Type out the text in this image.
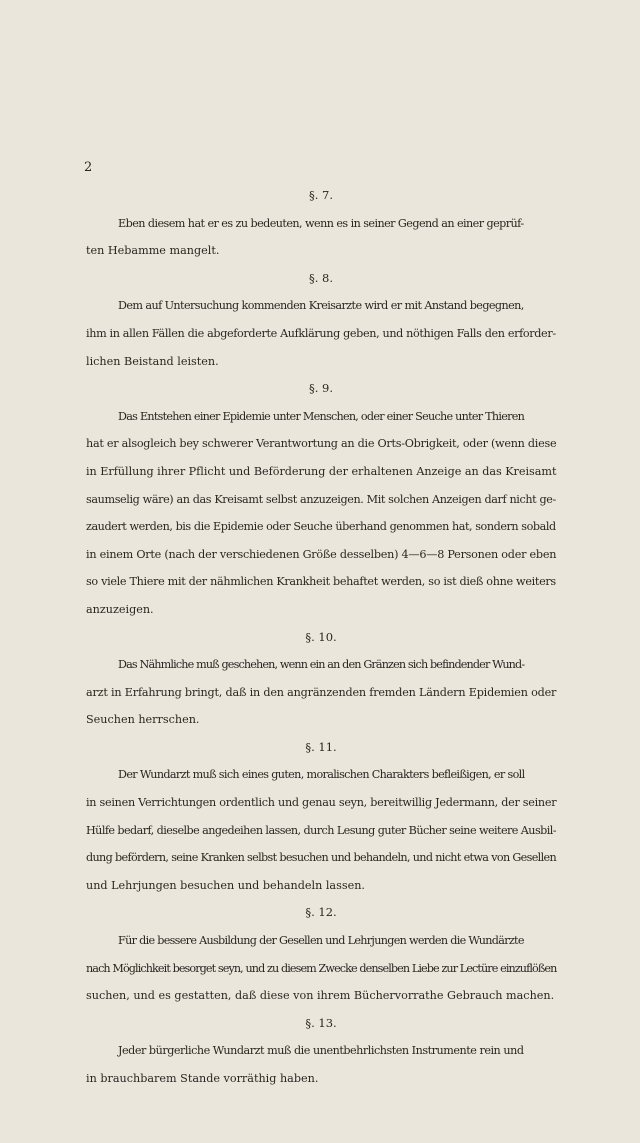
2
§. 7.
Eben diesem hat er es zu bedeuten, wenn es in seiner Gegend an einer geprüf-
ten Hebamme mangelt.
§. 8.
Dem auf Untersuchung kommenden Kreisarzte wird er mit Anstand begegnen,
ihm in allen Fällen die abgeforderte Aufklärung geben, und nöthigen Falls den erforder-
lichen Beistand leisten.
§. 9.
Das Entstehen einer Epidemie unter Menschen, oder einer Seuche unter Thieren
hat er alsogleich bey schwerer Verantwortung an die Orts-Obrigkeit, oder (wenn diese
in Erfüllung ihrer Pflicht und Beförderung der erhaltenen Anzeige an das Kreisamt
saumselig wäre) an das Kreisamt selbst anzuzeigen. Mit solchen Anzeigen darf nicht ge-
zaudert werden, bis die Epidemie oder Seuche überhand genommen hat, sondern sobald
in einem Orte (nach der verschiedenen Größe desselben) 4—6—8 Personen oder eben
so viele Thiere mit der nähmlichen Krankheit behaftet werden, so ist dieß ohne weiters
anzuzeigen.
§. 10.
Das Nähmliche muß geschehen, wenn ein an den Gränzen sich befindender Wund-
arzt in Erfahrung bringt, daß in den angränzenden fremden Ländern Epidemien oder
Seuchen herrschen.
§. 11.
Der Wundarzt muß sich eines guten, moralischen Charakters befleißigen, er soll
in seinen Verrichtungen ordentlich und genau seyn, bereitwillig Jedermann, der seiner
Hülfe bedarf, dieselbe angedeihen lassen, durch Lesung guter Bücher seine weitere Ausbil-
dung befördern, seine Kranken selbst besuchen und behandeln, und nicht etwa von Gesellen
und Lehrjungen besuchen und behandeln lassen.
§. 12.
Für die bessere Ausbildung der Gesellen und Lehrjungen werden die Wundärzte
nach Möglichkeit besorget seyn, und zu diesem Zwecke denselben Liebe zur Lectüre einzuflößen
suchen, und es gestatten, daß diese von ihrem Büchervorrathe Gebrauch machen.
§. 13.
Jeder bürgerliche Wundarzt muß die unentbehrlichsten Instrumente rein und
in brauchbarem Stande vorräthig haben.
